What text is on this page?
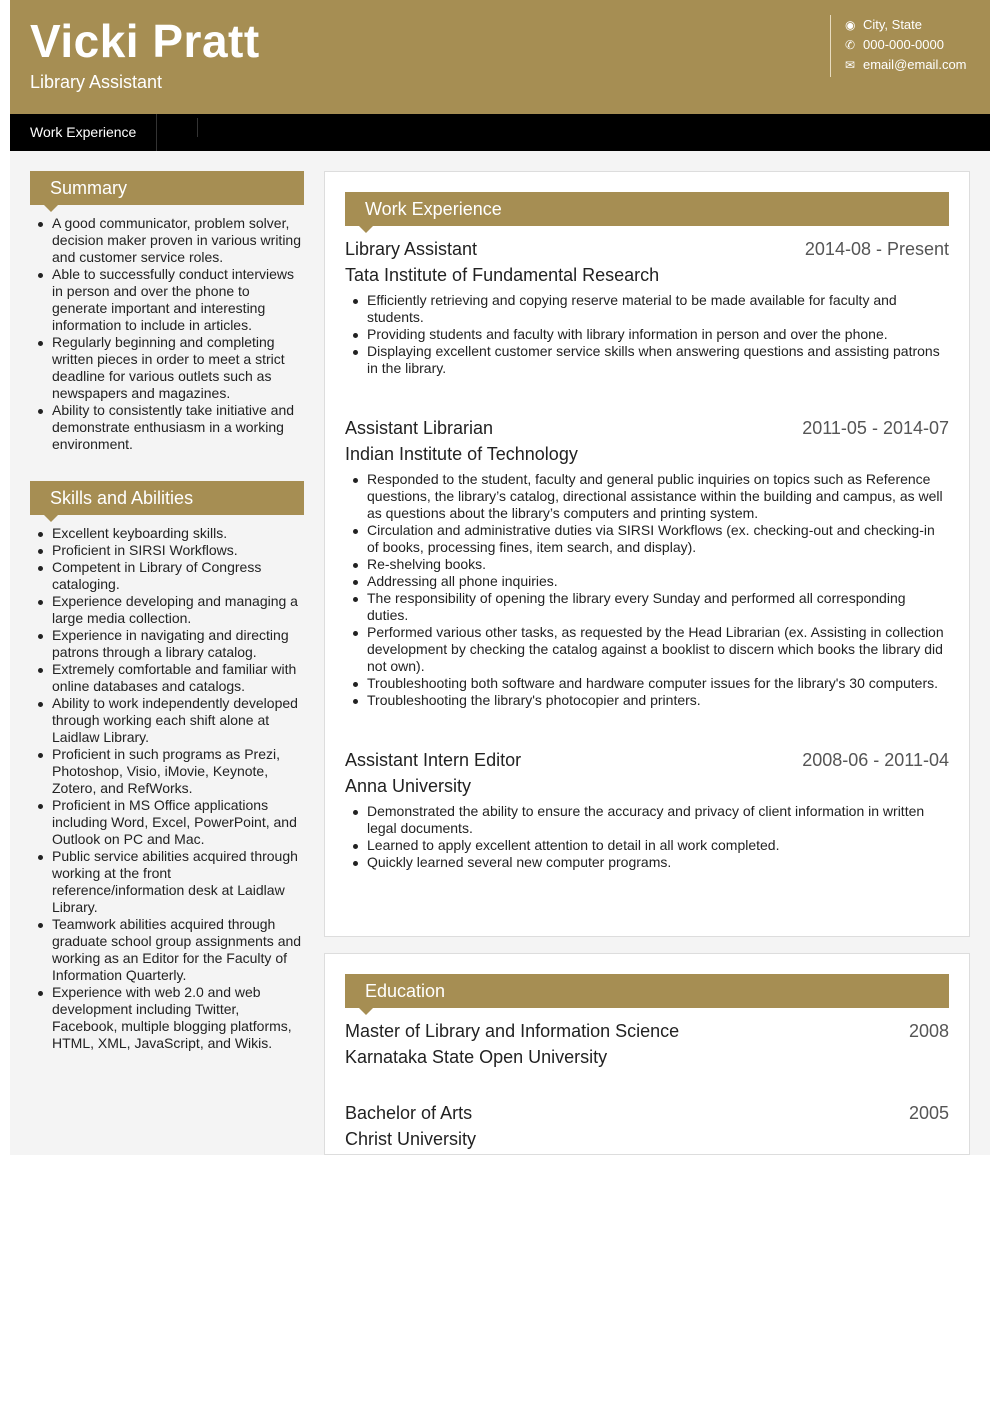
Vicki Pratt
Library Assistant
◉ City, State
✆ 000-000-0000
✉ email@email.com
Work Experience
Summary
A good communicator, problem solver, decision maker proven in various writing and customer service roles.
Able to successfully conduct interviews in person and over the phone to generate important and interesting information to include in articles.
Regularly beginning and completing written pieces in order to meet a strict deadline for various outlets such as newspapers and magazines.
Ability to consistently take initiative and demonstrate enthusiasm in a working environment.
Skills and Abilities
Excellent keyboarding skills.
Proficient in SIRSI Workflows.
Competent in Library of Congress cataloging.
Experience developing and managing a large media collection.
Experience in navigating and directing patrons through a library catalog.
Extremely comfortable and familiar with online databases and catalogs.
Ability to work independently developed through working each shift alone at Laidlaw Library.
Proficient in such programs as Prezi, Photoshop, Visio, iMovie, Keynote, Zotero, and RefWorks.
Proficient in MS Office applications including Word, Excel, PowerPoint, and Outlook on PC and Mac.
Public service abilities acquired through working at the front reference/information desk at Laidlaw Library.
Teamwork abilities acquired through graduate school group assignments and working as an Editor for the Faculty of Information Quarterly.
Experience with web 2.0 and web development including Twitter, Facebook, multiple blogging platforms, HTML, XML, JavaScript, and Wikis.
Work Experience
Library Assistant	2014-08 - Present
Tata Institute of Fundamental Research
Efficiently retrieving and copying reserve material to be made available for faculty and students.
Providing students and faculty with library information in person and over the phone.
Displaying excellent customer service skills when answering questions and assisting patrons in the library.
Assistant Librarian	2011-05 - 2014-07
Indian Institute of Technology
Responded to the student, faculty and general public inquiries on topics such as Reference questions, the library’s catalog, directional assistance within the building and campus, as well as questions about the library’s computers and printing system.
Circulation and administrative duties via SIRSI Workflows (ex. checking-out and checking-in of books, processing fines, item search, and display).
Re-shelving books.
Addressing all phone inquiries.
The responsibility of opening the library every Sunday and performed all corresponding duties.
Performed various other tasks, as requested by the Head Librarian (ex. Assisting in collection development by checking the catalog against a booklist to discern which books the library did not own).
Troubleshooting both software and hardware computer issues for the library's 30 computers.
Troubleshooting the library's photocopier and printers.
Assistant Intern Editor	2008-06 - 2011-04
Anna University
Demonstrated the ability to ensure the accuracy and privacy of client information in written legal documents.
Learned to apply excellent attention to detail in all work completed.
Quickly learned several new computer programs.
Education
Master of Library and Information Science	2008
Karnataka State Open University
Bachelor of Arts	2005
Christ University
